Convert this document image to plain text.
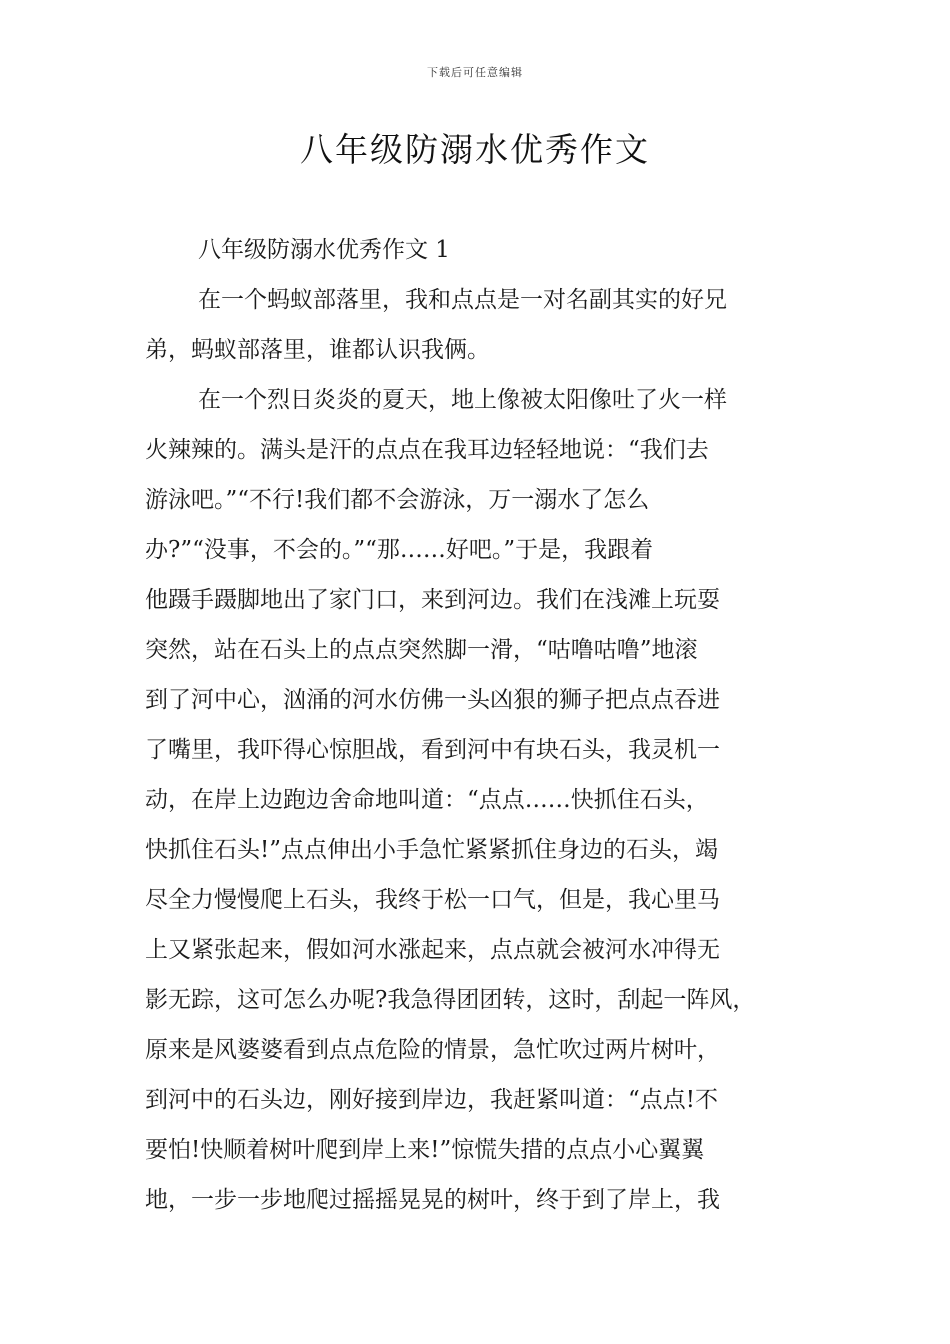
下载后可任意编辑
八年级防溺水优秀作文
八年级防溺水优秀作文 1
在一个蚂蚁部落里，我和点点是一对名副其实的好兄
弟，蚂蚁部落里，谁都认识我俩。
在一个烈日炎炎的夏天，地上像被太阳像吐了火一样
火辣辣的。满头是汗的点点在我耳边轻轻地说：“我们去
游泳吧。”“不行!我们都不会游泳，万一溺水了怎么
办?”“没事，不会的。”“那……好吧。”于是，我跟着
他蹑手蹑脚地出了家门口，来到河边。我们在浅滩上玩耍
突然，站在石头上的点点突然脚一滑，“咕噜咕噜”地滚
到了河中心，汹涌的河水仿佛一头凶狠的狮子把点点吞进
了嘴里，我吓得心惊胆战，看到河中有块石头，我灵机一
动，在岸上边跑边舍命地叫道：“点点……快抓住石头，
快抓住石头!”点点伸出小手急忙紧紧抓住身边的石头，竭
尽全力慢慢爬上石头，我终于松一口气，但是，我心里马
上又紧张起来，假如河水涨起来，点点就会被河水冲得无
影无踪，这可怎么办呢?我急得团团转，这时，刮起一阵风，
原来是风婆婆看到点点危险的情景，急忙吹过两片树叶，
到河中的石头边，刚好接到岸边，我赶紧叫道：“点点!不
要怕!快顺着树叶爬到岸上来!”惊慌失措的点点小心翼翼
地，一步一步地爬过摇摇晃晃的树叶，终于到了岸上，我
